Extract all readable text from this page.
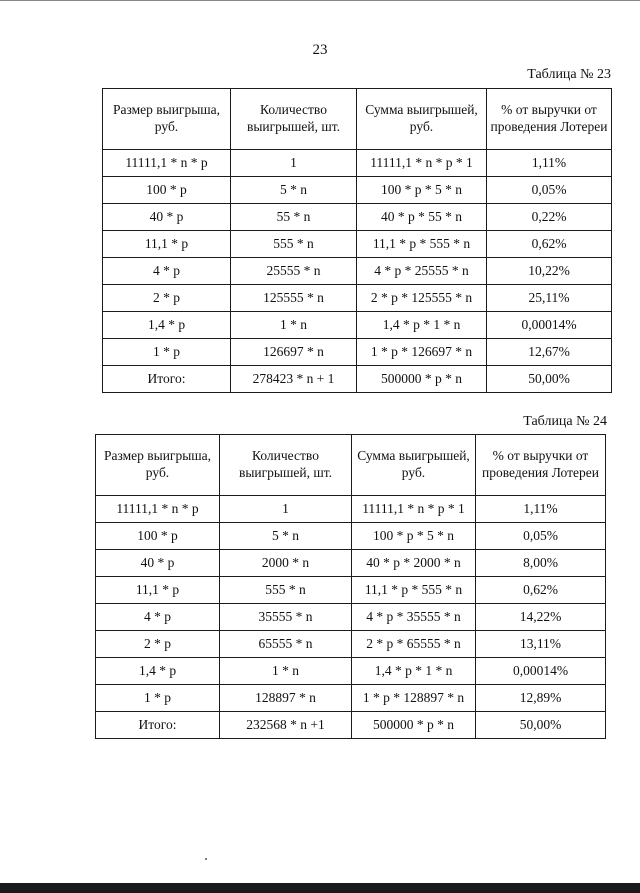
23
Таблица № 23
Размер выигрыша, руб.	Количество выигрышей, шт.	Сумма выигрышей, руб.	% от выручки от проведения Лотереи
11111,1 * n * p	1	11111,1 * n * p * 1	1,11%
100 * p	5 * n	100 * p * 5 * n	0,05%
40 * p	55 * n	40 * p * 55 * n	0,22%
11,1 * p	555 * n	11,1 * p * 555 * n	0,62%
4 * p	25555 * n	4 * p * 25555 * n	10,22%
2 * p	125555 * n	2 * p * 125555 * n	25,11%
1,4 * p	1 * n	1,4 * p * 1 * n	0,00014%
1 * p	126697 * n	1 * p * 126697 * n	12,67%
Итого:	278423 * n + 1	500000 * p * n	50,00%
Таблица № 24
Размер выигрыша, руб.	Количество выигрышей, шт.	Сумма выигрышей, руб.	% от выручки от проведения Лотереи
11111,1 * n * p	1	11111,1 * n * p * 1	1,11%
100 * p	5 * n	100 * p * 5 * n	0,05%
40 * p	2000 * n	40 * p * 2000 * n	8,00%
11,1 * p	555 * n	11,1 * p * 555 * n	0,62%
4 * p	35555 * n	4 * p * 35555 * n	14,22%
2 * p	65555 * n	2 * p * 65555 * n	13,11%
1,4 * p	1 * n	1,4 * p * 1 * n	0,00014%
1 * p	128897 * n	1 * p * 128897 * n	12,89%
Итого:	232568 * n +1	500000 * p * n	50,00%
